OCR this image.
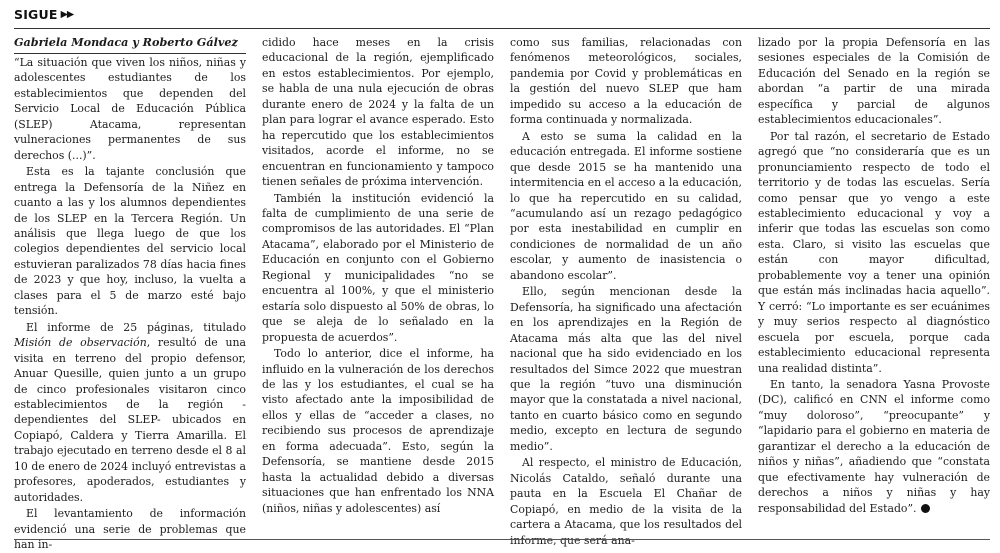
SIGUE ▶▶

Gabriela Mondaca y Roberto Gálvez

“La situación que viven los niños, niñas y adolescentes estudiantes de los establecimientos que dependen del Servicio Local de Educación Pública (SLEP) Atacama, representan vulneraciones permanentes de sus derechos (...)”.

Esta es la tajante conclusión que entrega la Defensoría de la Niñez en cuanto a las y los alumnos dependientes de los SLEP en la Tercera Región. Un análisis que llega luego de que los colegios dependientes del servicio local estuvieran paralizados 78 días hacia fines de 2023 y que hoy, incluso, la vuelta a clases para el 5 de marzo esté bajo tensión.

El informe de 25 páginas, titulado Misión de observación, resultó de una visita en terreno del propio defensor, Anuar Quesille, quien junto a un grupo de cinco profesionales visitaron cinco establecimientos de la región -dependientes del SLEP- ubicados en Copiapó, Caldera y Tierra Amarilla. El trabajo ejecutado en terreno desde el 8 al 10 de enero de 2024 incluyó entrevistas a profesores, apoderados, estudiantes y autoridades.

El levantamiento de información evidenció una serie de problemas que han in-

cidido hace meses en la crisis educacional de la región, ejemplificado en estos establecimientos. Por ejemplo, se habla de una nula ejecución de obras durante enero de 2024 y la falta de un plan para lograr el avance esperado. Esto ha repercutido que los establecimientos visitados, acorde el informe, no se encuentran en funcionamiento y tampoco tienen señales de próxima intervención.

También la institución evidenció la falta de cumplimiento de una serie de compromisos de las autoridades. El “Plan Atacama”, elaborado por el Ministerio de Educación en conjunto con el Gobierno Regional y municipalidades “no se encuentra al 100%, y que el ministerio estaría solo dispuesto al 50% de obras, lo que se aleja de lo señalado en la propuesta de acuerdos”.

Todo lo anterior, dice el informe, ha influido en la vulneración de los derechos de las y los estudiantes, el cual se ha visto afectado ante la imposibilidad de ellos y ellas de “acceder a clases, no recibiendo sus procesos de aprendizaje en forma adecuada”. Esto, según la Defensoría, se mantiene desde 2015 hasta la actualidad debido a diversas situaciones que han enfrentado los NNA (niños, niñas y adolescentes) así

como sus familias, relacionadas con fenómenos meteorológicos, sociales, pandemia por Covid y problemáticas en la gestión del nuevo SLEP que ham impedido su acceso a la educación de forma continuada y normalizada.

A esto se suma la calidad en la educación entregada. El informe sostiene que desde 2015 se ha mantenido una intermitencia en el acceso a la educación, lo que ha repercutido en su calidad, “acumulando así un rezago pedagógico por esta inestabilidad en cumplir en condiciones de normalidad de un año escolar, y aumento de inasistencia o abandono escolar”.

Ello, según mencionan desde la Defensoría, ha significado una afectación en los aprendizajes en la Región de Atacama más alta que las del nivel nacional que ha sido evidenciado en los resultados del Simce 2022 que muestran que la región “tuvo una disminución mayor que la constatada a nivel nacional, tanto en cuarto básico como en segundo medio, excepto en lectura de segundo medio”.

Al respecto, el ministro de Educación, Nicolás Cataldo, señaló durante una pauta en la Escuela El Chañar de Copiapó, en medio de la visita de la cartera a Atacama, que los resultados del informe, que será ana-

lizado por la propia Defensoría en las sesiones especiales de la Comisión de Educación del Senado en la región se abordan “a partir de una mirada específica y parcial de algunos establecimientos educacionales”.

Por tal razón, el secretario de Estado agregó que “no consideraría que es un pronunciamiento respecto de todo el territorio y de todas las escuelas. Sería como pensar que yo vengo a este establecimiento educacional y voy a inferir que todas las escuelas son como esta. Claro, si visito las escuelas que están con mayor dificultad, probablemente voy a tener una opinión que están más inclinadas hacia aquello”. Y cerró: “Lo importante es ser ecuánimes y muy serios respecto al diagnóstico escuela por escuela, porque cada establecimiento educacional representa una realidad distinta”.

En tanto, la senadora Yasna Provoste (DC), calificó en CNN el informe como “muy doloroso”, “preocupante” y “lapidario para el gobierno en materia de garantizar el derecho a la educación de niños y niñas”, añadiendo que “constata que efectivamente hay vulneración de derechos a niños y niñas y hay responsabilidad del Estado”.
